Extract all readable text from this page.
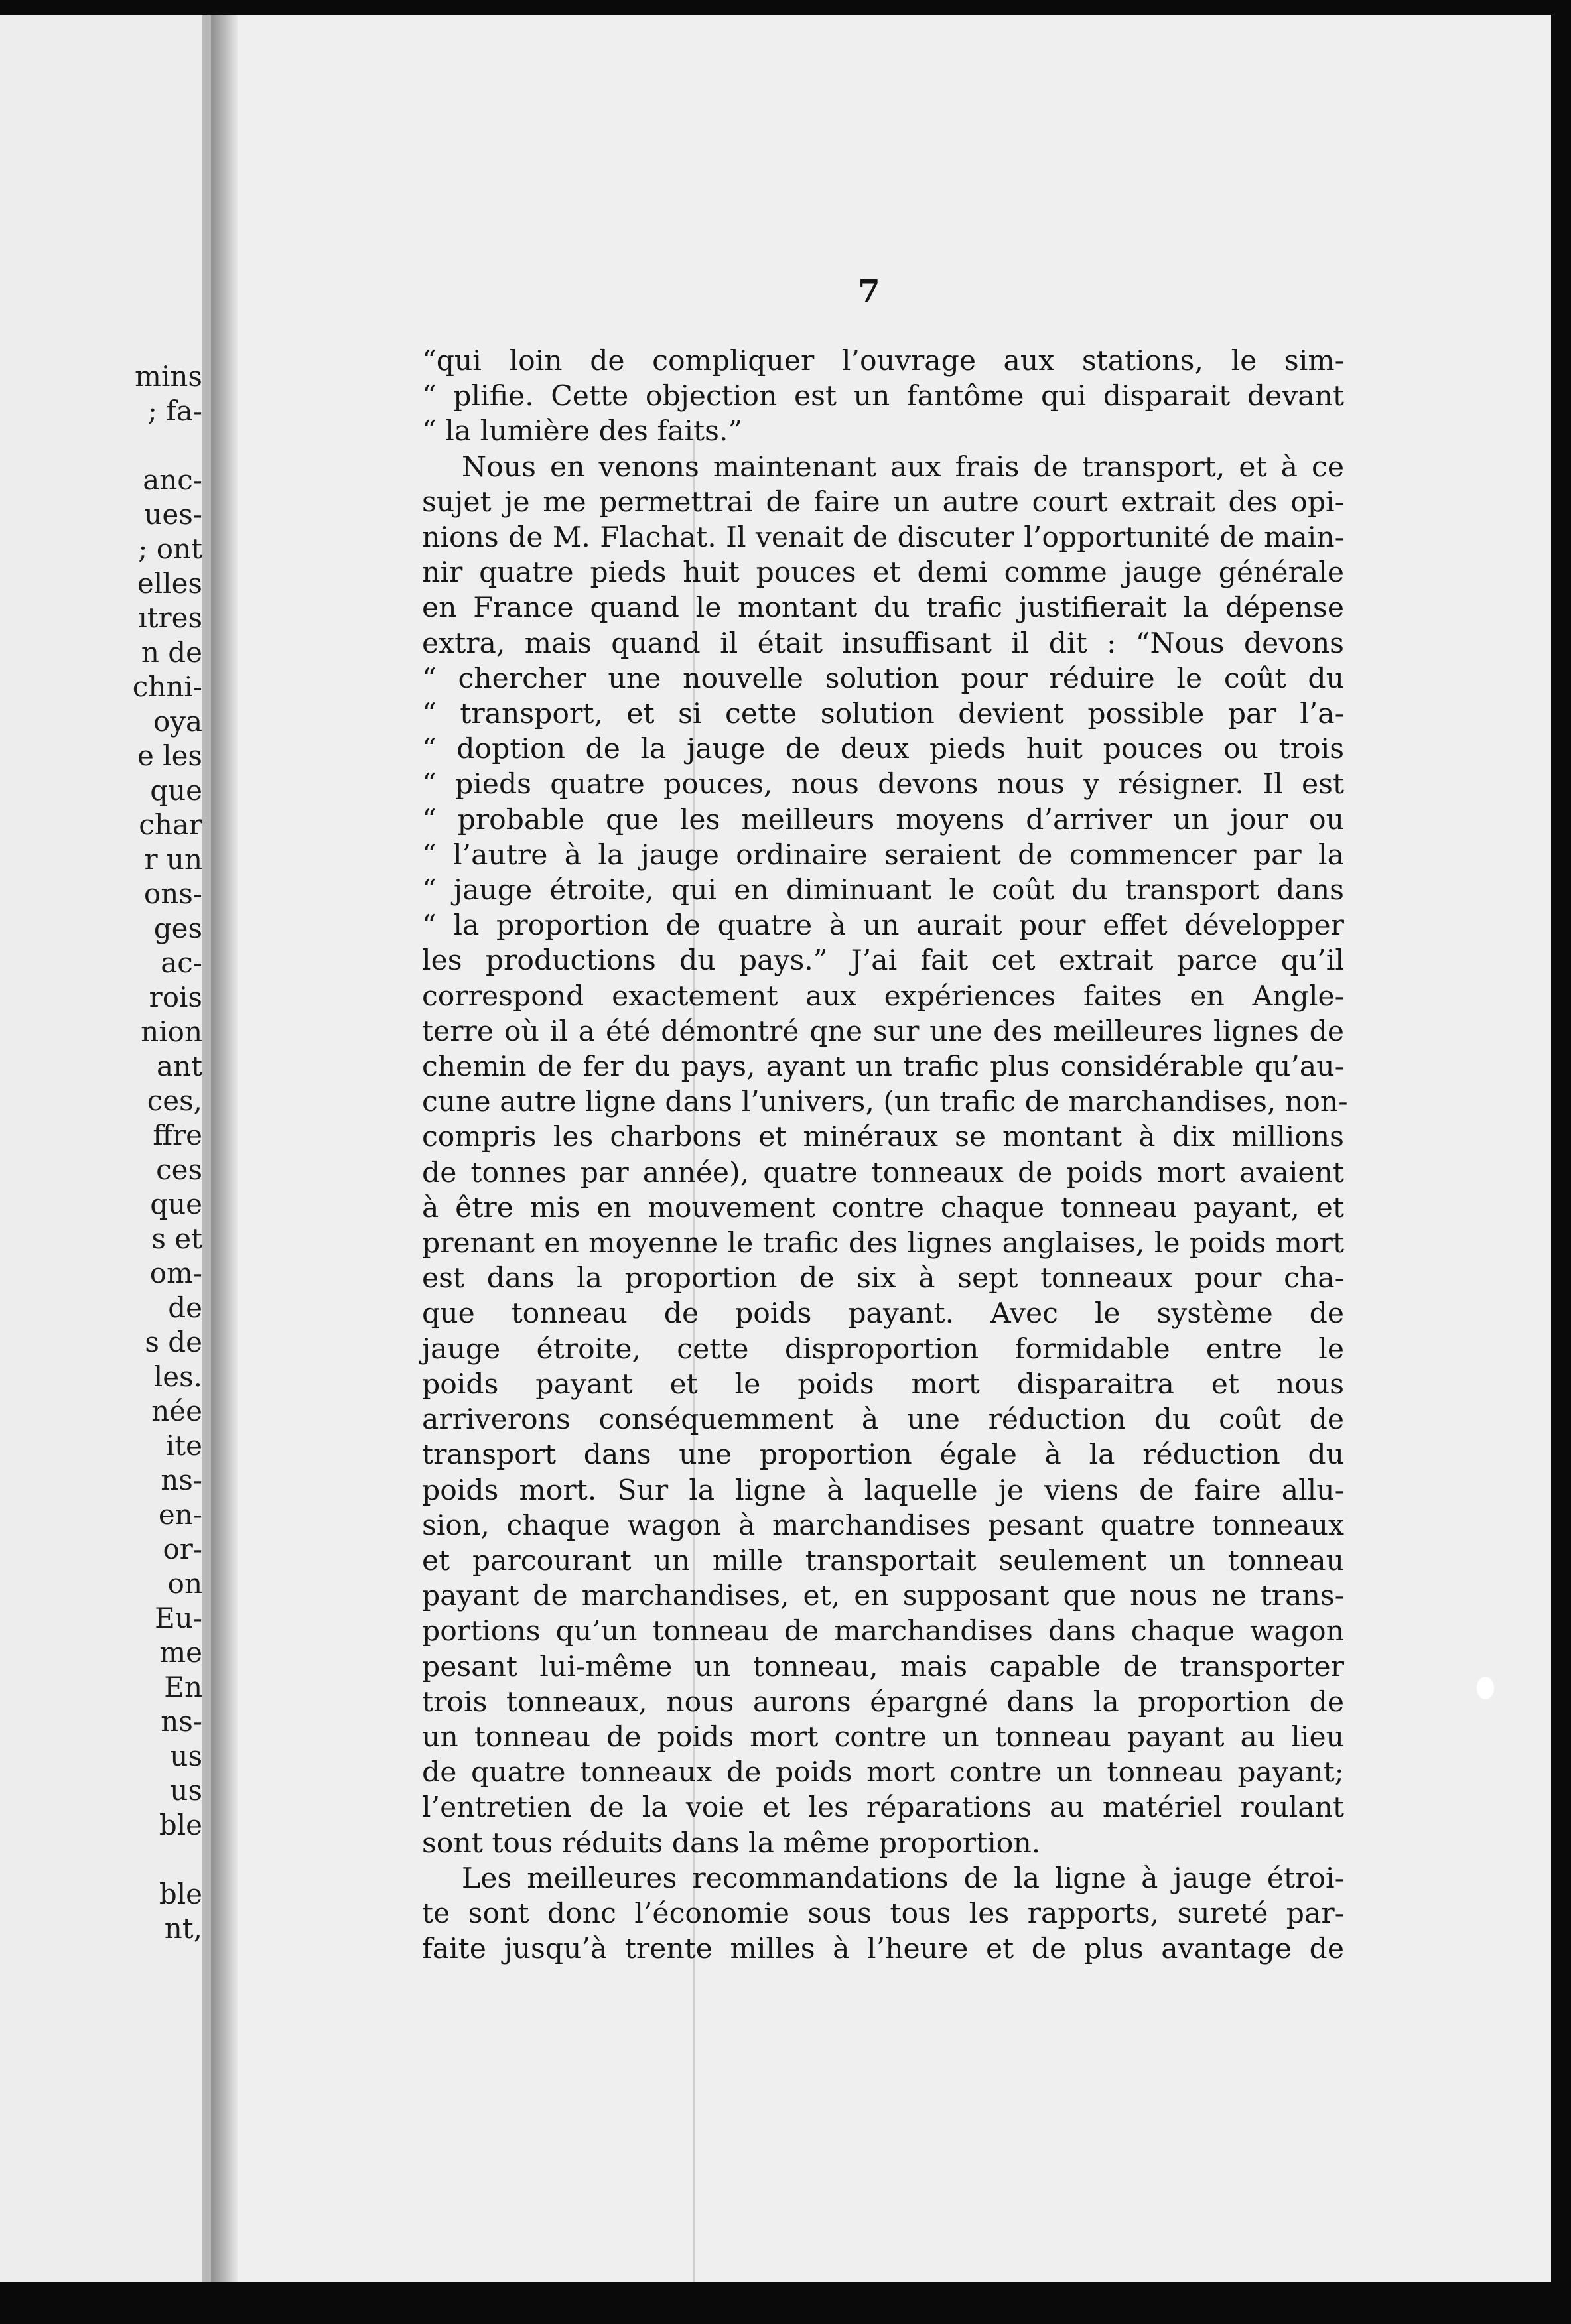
mins
; fa-
anc-
ues-
; ont
elles
ıtres
n de
chni-
oya
e les
que
char
r un
ons-
ges
ac-
rois
nion
ant
ces,
ffre
ces
que
s et
om-
de
s de
les.
née
ite
ns-
en-
or-
on
Eu-
me
En
ns-
us
us
ble
ble
nt,
7
“qui loin de compliquer l’ouvrage aux stations, le sim-
“ plifie. Cette objection est un fantôme qui disparait devant
“ la lumière des faits.”
Nous en venons maintenant aux frais de transport, et à ce
sujet je me permettrai de faire un autre court extrait des opi-
nions de M. Flachat. Il venait de discuter l’opportunité de main-
nir quatre pieds huit pouces et demi comme jauge générale
en France quand le montant du trafic justifierait la dépense
extra, mais quand il était insuffisant il dit : “Nous devons
“ chercher une nouvelle solution pour réduire le coût du
“ transport, et si cette solution devient possible par l’a-
“ doption de la jauge de deux pieds huit pouces ou trois
“ pieds quatre pouces, nous devons nous y résigner. Il est
“ probable que les meilleurs moyens d’arriver un jour ou
“ l’autre à la jauge ordinaire seraient de commencer par la
“ jauge étroite, qui en diminuant le coût du transport dans
“ la proportion de quatre à un aurait pour effet développer
les productions du pays.” J’ai fait cet extrait parce qu’il
correspond exactement aux expériences faites en Angle-
terre où il a été démontré qne sur une des meilleures lignes de
chemin de fer du pays, ayant un trafic plus considérable qu’au-
cune autre ligne dans l’univers, (un trafic de marchandises, non-
compris les charbons et minéraux se montant à dix millions
de tonnes par année), quatre tonneaux de poids mort avaient
à être mis en mouvement contre chaque tonneau payant, et
prenant en moyenne le trafic des lignes anglaises, le poids mort
est dans la proportion de six à sept tonneaux pour cha-
que tonneau de poids payant. Avec le système de
jauge étroite, cette disproportion formidable entre le
poids payant et le poids mort disparaitra et nous
arriverons conséquemment à une réduction du coût de
transport dans une proportion égale à la réduction du
poids mort. Sur la ligne à laquelle je viens de faire allu-
sion, chaque wagon à marchandises pesant quatre tonneaux
et parcourant un mille transportait seulement un tonneau
payant de marchandises, et, en supposant que nous ne trans-
portions qu’un tonneau de marchandises dans chaque wagon
pesant lui-même un tonneau, mais capable de transporter
trois tonneaux, nous aurons épargné dans la proportion de
un tonneau de poids mort contre un tonneau payant au lieu
de quatre tonneaux de poids mort contre un tonneau payant;
l’entretien de la voie et les réparations au matériel roulant
sont tous réduits dans la même proportion.
Les meilleures recommandations de la ligne à jauge étroi-
te sont donc l’économie sous tous les rapports, sureté par-
faite jusqu’à trente milles à l’heure et de plus avantage de
